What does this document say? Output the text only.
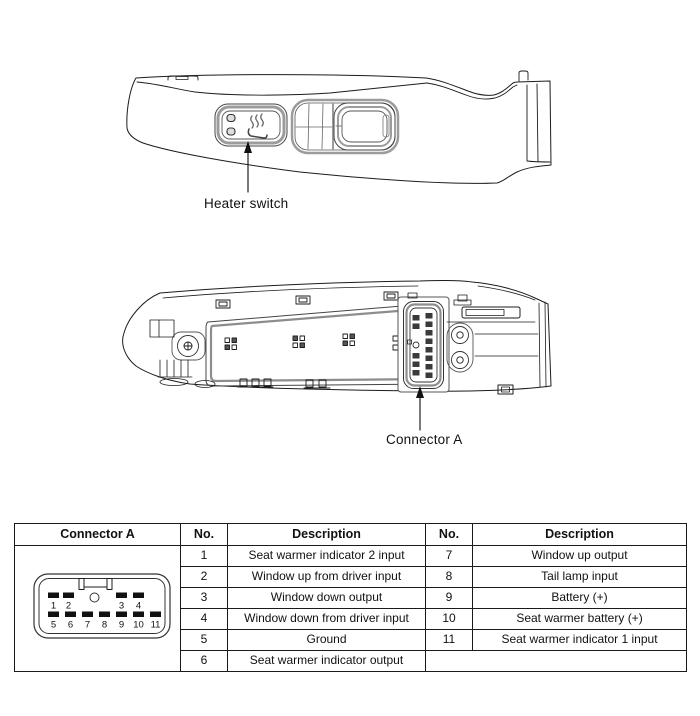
Heater switch
Connector A
Connector A	No.	Description	No.	Description

1 2	3 4
5 6 7 8 9 10 11
	1	Seat warmer indicator 2 input	7	Window up output
	2	Window up from driver input	8	Tail lamp input
	3	Window down output	9	Battery (+)
	4	Window down from driver input	10	Seat warmer battery (+)
	5	Ground	11	Seat warmer indicator 1 input
	6	Seat warmer indicator output		
